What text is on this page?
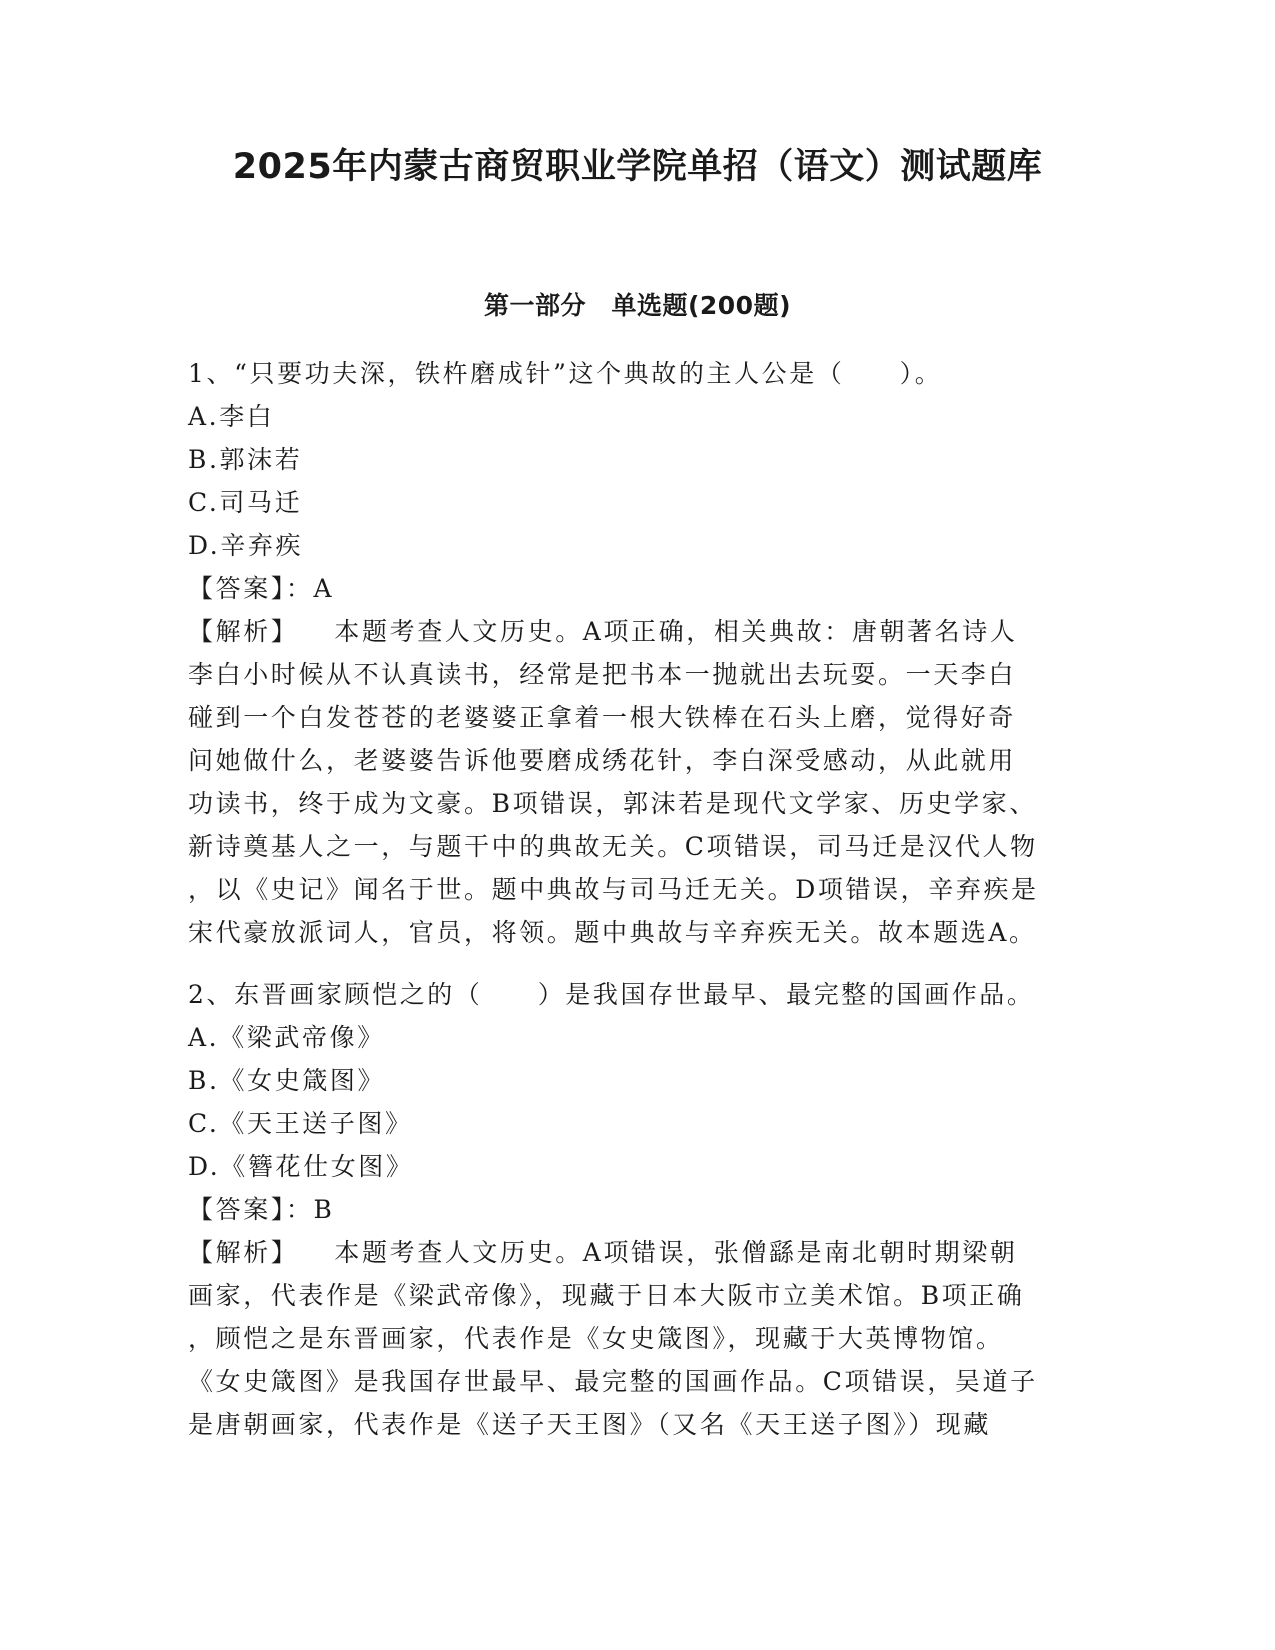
2025年内蒙古商贸职业学院单招（语文）测试题库
第一部分　单选题(200题)

1、“只要功夫深，铁杵磨成针”这个典故的主人公是（　　）。

A.李白

B.郭沫若

C.司马迁

D.辛弃疾

【答案】：A

【解析】 本题考查人文历史。A项正确，相关典故：唐朝著名诗人

李白小时候从不认真读书，经常是把书本一抛就出去玩耍。一天李白

碰到一个白发苍苍的老婆婆正拿着一根大铁棒在石头上磨，觉得好奇

问她做什么，老婆婆告诉他要磨成绣花针，李白深受感动，从此就用

功读书，终于成为文豪。B项错误，郭沫若是现代文学家、历史学家、

新诗奠基人之一，与题干中的典故无关。C项错误，司马迁是汉代人物

，以《史记》闻名于世。题中典故与司马迁无关。D项错误，辛弃疾是

宋代豪放派词人，官员，将领。题中典故与辛弃疾无关。故本题选A。

2、东晋画家顾恺之的（　　）是我国存世最早、最完整的国画作品。

A.《梁武帝像》

B.《女史箴图》

C.《天王送子图》

D.《簪花仕女图》

【答案】：B

【解析】 本题考查人文历史。A项错误，张僧繇是南北朝时期梁朝

画家，代表作是《梁武帝像》，现藏于日本大阪市立美术馆。B项正确

，顾恺之是东晋画家，代表作是《女史箴图》，现藏于大英博物馆。

《女史箴图》是我国存世最早、最完整的国画作品。C项错误，吴道子

是唐朝画家，代表作是《送子天王图》（又名《天王送子图》）现藏
